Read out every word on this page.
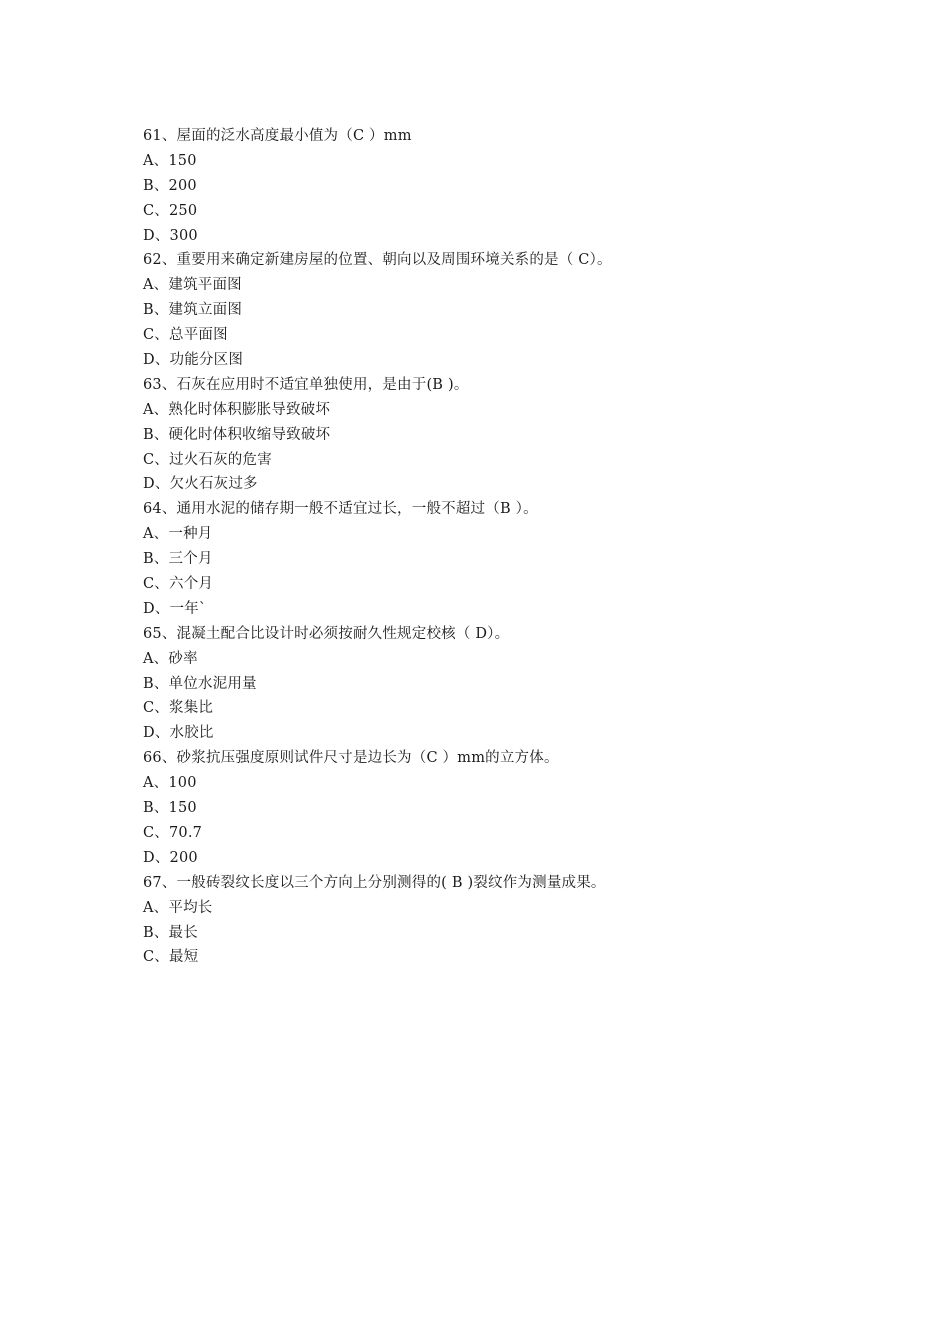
61、屋面的泛水高度最小值为（C ）mm
A、150
B、200
C、250
D、300
62、重要用来确定新建房屋的位置、朝向以及周围环境关系的是（ C）。
A、建筑平面图
B、建筑立面图
C、总平面图
D、功能分区图
63、石灰在应用时不适宜单独使用，是由于(B )。
A、熟化时体积膨胀导致破坏
B、硬化时体积收缩导致破坏
C、过火石灰的危害
D、欠火石灰过多
64、通用水泥的储存期一般不适宜过长，一般不超过（B ）。
A、一种月
B、三个月
C、六个月
D、一年`
65、混凝土配合比设计时必须按耐久性规定校核（ D）。
A、砂率
B、单位水泥用量
C、浆集比
D、水胶比
66、砂浆抗压强度原则试件尺寸是边长为（C ）mm的立方体。
A、100
B、150
C、70.7
D、200
67、一般砖裂纹长度以三个方向上分别测得的( B )裂纹作为测量成果。
A、平均长
B、最长
C、最短
